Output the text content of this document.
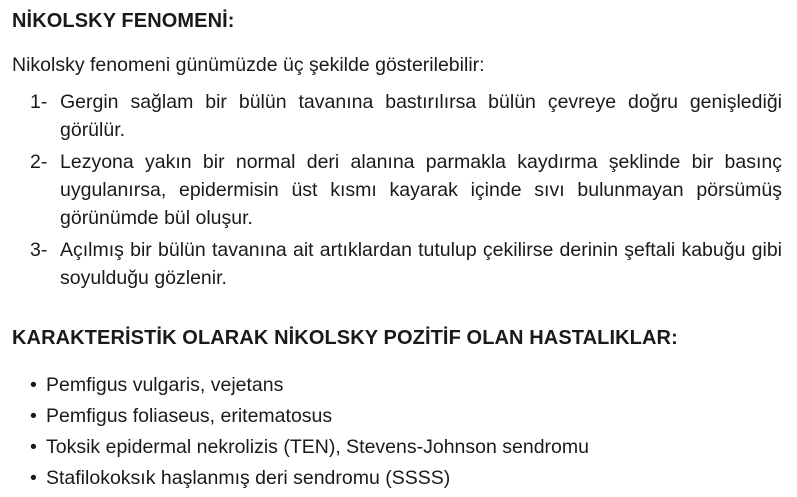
NİKOLSKY FENOMENİ:
Nikolsky fenomeni günümüzde üç şekilde gösterilebilir:
1- Gergin sağlam bir bülün tavanına bastırılırsa bülün çevreye doğru genişlediği görülür.
2- Lezyona yakın bir normal deri alanına parmakla kaydırma şeklinde bir basınç uygulanırsa, epidermisin üst kısmı kayarak içinde sıvı bulunmayan pörsümüş görünümde bül oluşur.
3- Açılmış bir bülün tavanına ait artıklardan tutulup çekilirse derinin şeftali kabuğu gibi soyulduğu gözlenir.
KARAKTERİSTİK OLARAK NİKOLSKY POZİTİF OLAN HASTALIKLAR:
• Pemfigus vulgaris, vejetans
• Pemfigus foliaseus, eritematosus
• Toksik epidermal nekrolizis (TEN), Stevens-Johnson sendromu
• Stafilokoksık haşlanmış deri sendromu (SSSS)
